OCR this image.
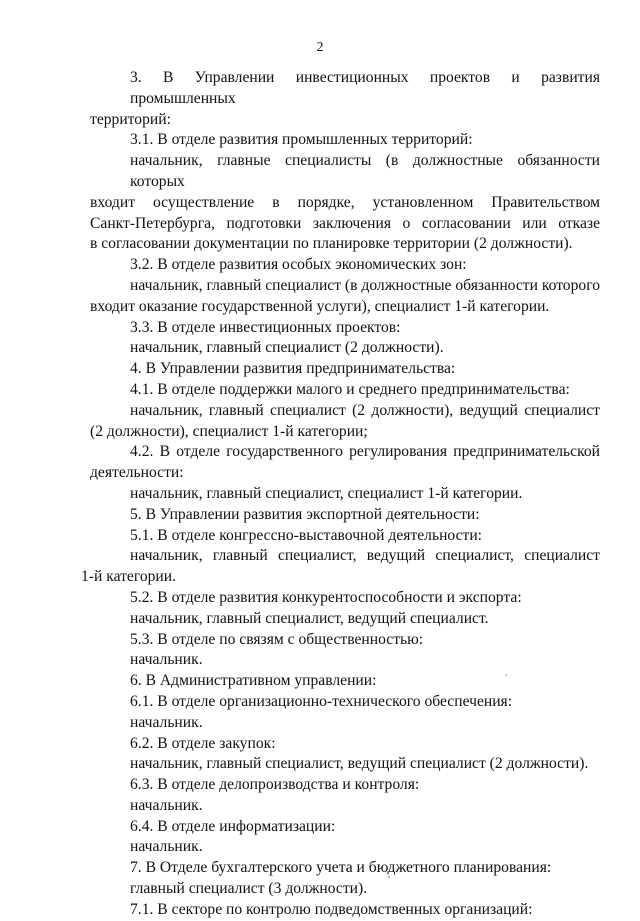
2
3. В Управлении инвестиционных проектов и развития промышленных
территорий:
3.1. В отделе развития промышленных территорий:
начальник, главные специалисты (в должностные обязанности которых
входит осуществление в порядке, установленном Правительством
Санкт-Петербурга, подготовки заключения о согласовании или отказе
в согласовании документации по планировке территории (2 должности).
3.2. В отделе развития особых экономических зон:
начальник, главный специалист (в должностные обязанности которого
входит оказание государственной услуги), специалист 1-й категории.
3.3. В отделе инвестиционных проектов:
начальник, главный специалист (2 должности).
4. В Управлении развития предпринимательства:
4.1. В отделе поддержки малого и среднего предпринимательства:
начальник, главный специалист (2 должности), ведущий специалист
(2 должности), специалист 1-й категории;
4.2. В отделе государственного регулирования предпринимательской
деятельности:
начальник, главный специалист, специалист 1-й категории.
5. В Управлении развития экспортной деятельности:
5.1. В отделе конгрессно-выставочной деятельности:
начальник, главный специалист, ведущий специалист, специалист
1-й категории.
5.2. В отделе развития конкурентоспособности и экспорта:
начальник, главный специалист, ведущий специалист.
5.3. В отделе по связям с общественностью:
начальник.
6. В Административном управлении:
6.1. В отделе организационно-технического обеспечения:
начальник.
6.2. В отделе закупок:
начальник, главный специалист, ведущий специалист (2 должности).
6.3. В отделе делопроизводства и контроля:
начальник.
6.4. В отделе информатизации:
начальник.
7. В Отделе бухгалтерского учета и бюджетного планирования:
главный специалист (3 должности).
7.1. В секторе по контролю подведомственных организаций:
